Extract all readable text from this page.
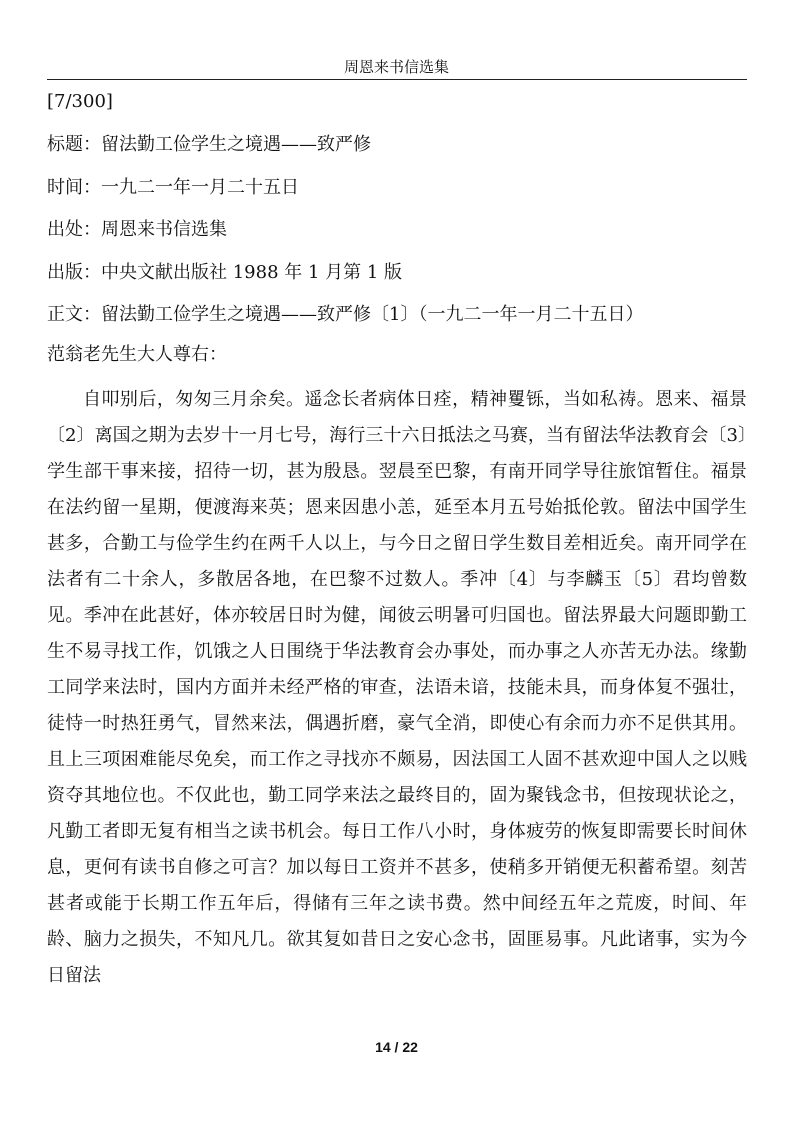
周恩来书信选集
[7/300]
标题：留法勤工俭学生之境遇——致严修
时间：一九二一年一月二十五日
出处：周恩来书信选集
出版：中央文献出版社 1988 年 1 月第 1 版
正文：留法勤工俭学生之境遇——致严修〔1〕（一九二一年一月二十五日）
范翁老先生大人尊右：

自叩别后，匆匆三月余矣。遥念长者病体日痊，精神矍铄，当如私祷。恩来、福景〔2〕离国之期为去岁十一月七号，海行三十六日抵法之马赛，当有留法华法教育会〔3〕学生部干事来接，招待一切，甚为殷恳。翌晨至巴黎，有南开同学导往旅馆暂住。福景在法约留一星期，便渡海来英；恩来因患小恙，延至本月五号始抵伦敦。留法中国学生甚多，合勤工与俭学生约在两千人以上，与今日之留日学生数目差相近矣。南开同学在法者有二十余人，多散居各地，在巴黎不过数人。季冲〔4〕与李麟玉〔5〕君均曾数见。季冲在此甚好，体亦较居日时为健，闻彼云明暑可归国也。留法界最大问题即勤工生不易寻找工作，饥饿之人日围绕于华法教育会办事处，而办事之人亦苦无办法。缘勤工同学来法时，国内方面并未经严格的审查，法语未谙，技能未具，而身体复不强壮，徒恃一时热狂勇气，冒然来法，偶遇折磨，豪气全消，即使心有余而力亦不足供其用。且上三项困难能尽免矣，而工作之寻找亦不颇易，因法国工人固不甚欢迎中国人之以贱资夺其地位也。不仅此也，勤工同学来法之最终目的，固为聚钱念书，但按现状论之，凡勤工者即无复有相当之读书机会。每日工作八小时，身体疲劳的恢复即需要长时间休息，更何有读书自修之可言？加以每日工资并不甚多，使稍多开销便无积蓄希望。刻苦甚者或能于长期工作五年后，得储有三年之读书费。然中间经五年之荒废，时间、年龄、脑力之损失，不知凡几。欲其复如昔日之安心念书，固匪易事。凡此诸事，实为今日留法

14 / 22
